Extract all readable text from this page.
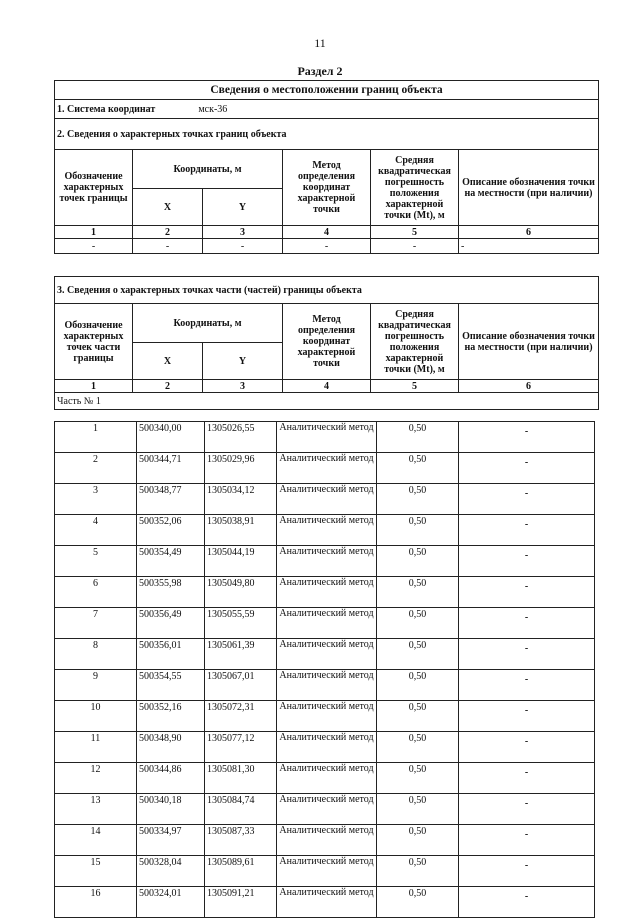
11
Раздел 2
Сведения о местоположении границ объекта					
1. Система координат мск-36					
2. Сведения о характерных точках границ объекта					
Обозначение характерных точек границы	Координаты, м		Метод определения координат характерной точки	Средняя квадратическая погрешность положения характерной точки (Mt), м	Описание обозначения точки на местности (при наличии)
	X	Y			
1	2	3	4	5	6
-	-	-	-	-	-
3. Сведения о характерных точках части (частей) границы объекта					
Обозначение характерных точек части границы	Координаты, м		Метод определения координат характерной точки	Средняя квадратическая погрешность положения характерной точки (Mt), м	Описание обозначения точки на местности (при наличии)
	X	Y			
1	2	3	4	5	6
Часть № 1					
1	500340,00	1305026,55	Аналитический метод	0,50	-
2	500344,71	1305029,96	Аналитический метод	0,50	-
3	500348,77	1305034,12	Аналитический метод	0,50	-
4	500352,06	1305038,91	Аналитический метод	0,50	-
5	500354,49	1305044,19	Аналитический метод	0,50	-
6	500355,98	1305049,80	Аналитический метод	0,50	-
7	500356,49	1305055,59	Аналитический метод	0,50	-
8	500356,01	1305061,39	Аналитический метод	0,50	-
9	500354,55	1305067,01	Аналитический метод	0,50	-
10	500352,16	1305072,31	Аналитический метод	0,50	-
11	500348,90	1305077,12	Аналитический метод	0,50	-
12	500344,86	1305081,30	Аналитический метод	0,50	-
13	500340,18	1305084,74	Аналитический метод	0,50	-
14	500334,97	1305087,33	Аналитический метод	0,50	-
15	500328,04	1305089,61	Аналитический метод	0,50	-
16	500324,01	1305091,21	Аналитический метод	0,50	-
